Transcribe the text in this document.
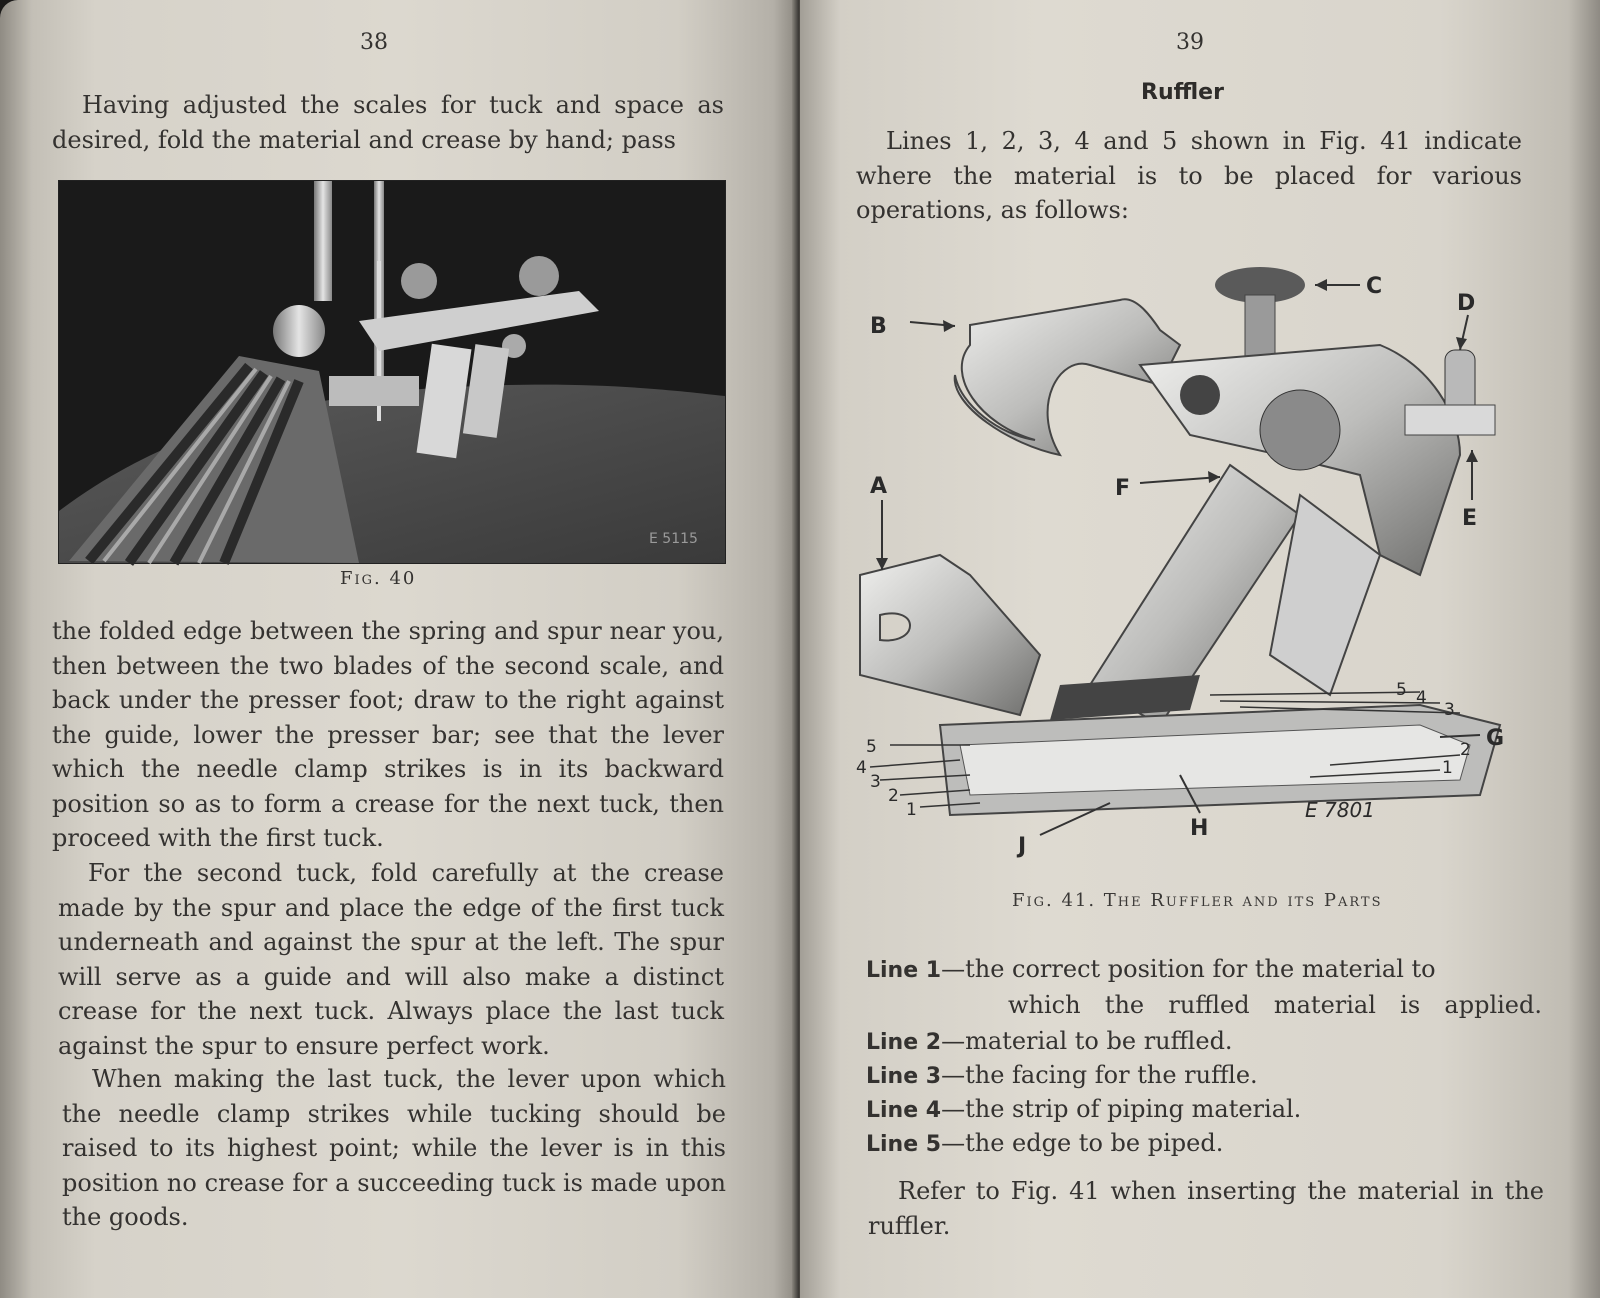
38

Having adjusted the scales for tuck and space as desired, fold the material and crease by hand; pass

E 5115
Fig. 40

the folded edge between the spring and spur near you, then between the two blades of the second scale, and back under the presser foot; draw to the right against the guide, lower the presser bar; see that the lever which the needle clamp strikes is in its backward position so as to form a crease for the next tuck, then proceed with the first tuck.

For the second tuck, fold carefully at the crease made by the spur and place the edge of the first tuck underneath and against the spur at the left. The spur will serve as a guide and will also make a distinct crease for the next tuck. Always place the last tuck against the spur to ensure perfect work.

When making the last tuck, the lever upon which the needle clamp strikes while tucking should be raised to its highest point; while the lever is in this position no crease for a succeeding tuck is made upon the goods.

39
Ruffler

Lines 1, 2, 3, 4 and 5 shown in Fig. 41 indicate where the material is to be placed for various operations, as follows:

B
C
D
E
A	F
G
H
J
5
4
3
2
1
5 4
3
2
1
E 7801
Fig. 41. The Ruffler and its Parts

Line 1—the correct position for the material to
which the ruffled material is applied.

Line 2—material to be ruffled.

Line 3—the facing for the ruffle.

Line 4—the strip of piping material.

Line 5—the edge to be piped.

Refer to Fig. 41 when inserting the material in the ruffler.
